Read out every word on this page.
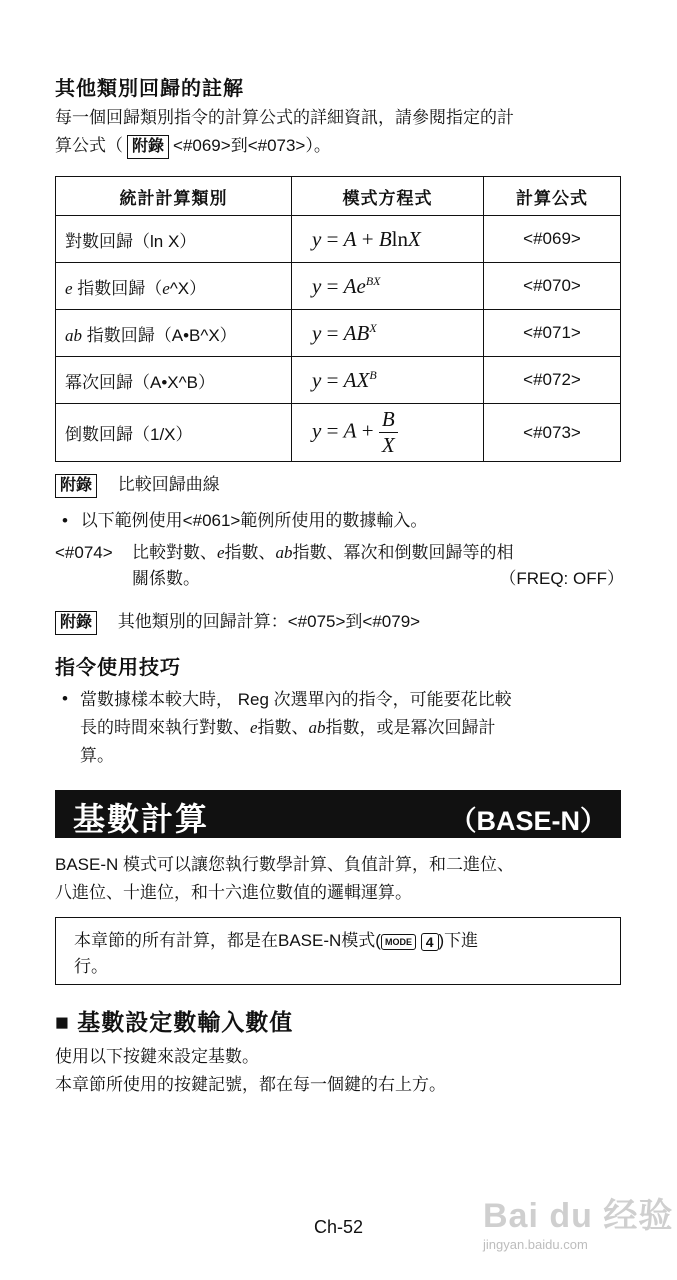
其他類別回歸的註解
每一個回歸類別指令的計算公式的詳細資訊，請參閱指定的計
算公式（ 附錄 <#069>到<#073>）。
統計計算類別	模式方程式	計算公式
對數回歸（ln X）	y = A + BlnX	<#069>
e 指數回歸（e^X）	$y = Ae^{BX}$	<#070>
ab 指數回歸（A•B^X）	$y = AB^X$	<#071>
冪次回歸（A•X^B）	$y = AX^B$	<#072>
倒數回歸（1/X）	$y = A + \frac{B}{X}$	<#073>
附錄 比較回歸曲線
• 以下範例使用<#061>範例所使用的數據輸入。
<#074> 比較對數、e指數、ab指數、冪次和倒數回歸等的相
關係數。	（FREQ: OFF）
附錄 其他類別的回歸計算：<#075>到<#079>
指令使用技巧
• 當數據樣本較大時， Reg 次選單內的指令，可能要花比較
長的時間來執行對數、e指數、ab指數，或是冪次回歸計
算。
基數計算	（BASE-N）
BASE-N 模式可以讓您執行數學計算、負值計算，和二進位、
八進位、十進位，和十六進位數值的邏輯運算。
本章節的所有計算，都是在BASE-N模式( MODE 4 )下進
行。
■ 基數設定數輸入數值
使用以下按鍵來設定基數。
本章節所使用的按鍵記號，都在每一個鍵的右上方。
Bai du 经验
jingyan.baidu.com
Ch-52
